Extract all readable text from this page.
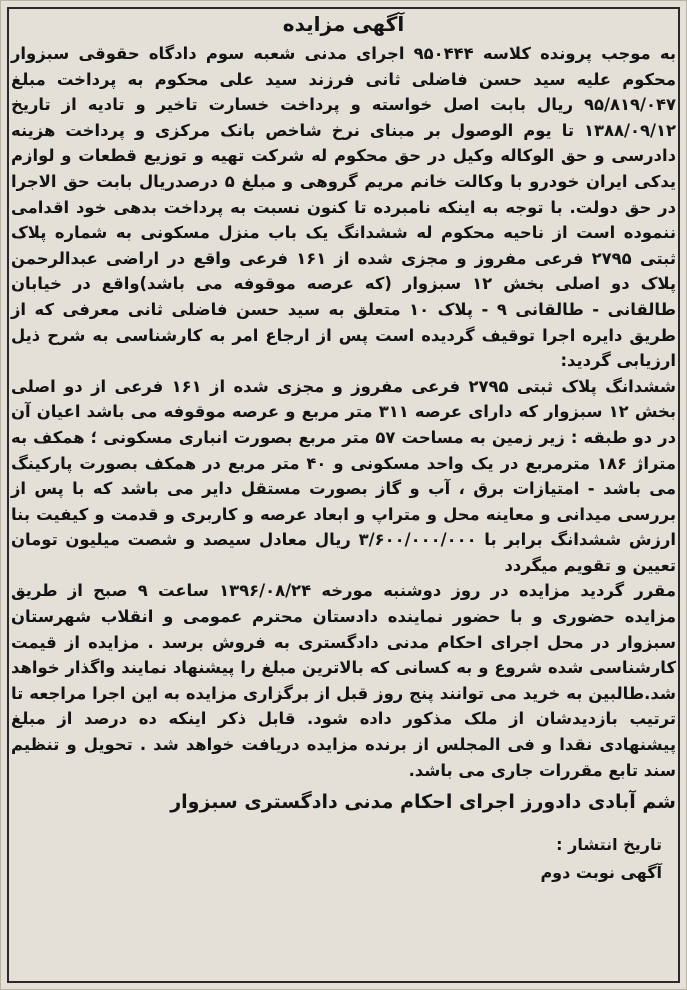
آگهی مزایده

به موجب پرونده کلاسه ۹۵۰۴۴۴ اجرای مدنی شعبه سوم دادگاه حقوقی سبزوار محکوم علیه سید حسن فاضلی ثانی فرزند سید علی محکوم به پرداخت مبلغ ۹۵/۸۱۹/۰۴۷ ریال بابت اصل خواسته و پرداخت خسارت تاخیر و تادیه از تاریخ ۱۳۸۸/۰۹/۱۲ تا یوم الوصول بر مبنای نرخ شاخص بانک مرکزی و پرداخت هزینه دادرسی و حق الوکاله وکیل در حق محکوم له شرکت تهیه و توزیع قطعات و لوازم یدکی ایران خودرو با وکالت خانم مریم گروهی و مبلغ ۵ درصدریال بابت حق الاجرا در حق دولت. با توجه به اینکه نامبرده تا کنون نسبت به پرداخت بدهی خود اقدامی ننموده است از ناحیه محکوم له ششدانگ یک باب منزل مسکونی به شماره پلاک ثبتی ۲۷۹۵ فرعی مفروز و مجزی شده از ۱۶۱ فرعی واقع در اراضی عبدالرحمن پلاک دو اصلی بخش ۱۲ سبزوار (که عرصه موقوفه می باشد)واقع در خیابان طالقانی - طالقانی ۹ - پلاک ۱۰ متعلق به سید حسن فاضلی ثانی معرفی که از طریق دایره اجرا توقیف گردیده است پس از ارجاع امر به کارشناسی به شرح ذیل ارزیابی گردید:

ششدانگ پلاک ثبتی ۲۷۹۵ فرعی مفروز و مجزی شده از ۱۶۱ فرعی از دو اصلی بخش ۱۲ سبزوار که دارای عرصه ۳۱۱ متر مربع و عرصه موقوفه می باشد اعیان آن در دو طبقه : زیر زمین به مساحت ۵۷ متر مربع بصورت انباری مسکونی ؛ همکف به متراژ ۱۸۶ مترمربع در یک واحد مسکونی و ۴۰ متر مربع در همکف بصورت پارکینگ می باشد - امتیازات برق ، آب و گاز بصورت مستقل دایر می باشد که با پس از بررسی میدانی و معاینه محل و متراپ و ابعاد عرصه و کاربری و قدمت و کیفیت بنا ارزش ششدانگ برابر با ۳/۶۰۰/۰۰۰/۰۰۰ ریال معادل سیصد و شصت میلیون تومان تعیین و تقویم میگردد

مقرر گردید مزایده در روز دوشنبه مورخه ۱۳۹۶/۰۸/۲۴ ساعت ۹ صبح از طریق مزایده حضوری و با حضور نماینده دادستان محترم عمومی و انقلاب شهرستان سبزوار در محل اجرای احکام مدنی دادگستری به فروش برسد . مزایده از قیمت کارشناسی شده شروع و به کسانی که بالاترین مبلغ را پیشنهاد نمایند واگذار خواهد شد.طالبین به خرید می توانند پنج روز قبل از برگزاری مزایده به این اجرا مراجعه تا ترتیب بازدیدشان از ملک مذکور داده شود. قابل ذکر اینکه ده درصد از مبلغ پیشنهادی نقدا و فی المجلس از برنده مزایده دریافت خواهد شد . تحویل و تنظیم سند تابع مقررات جاری می باشد.

شم آبادی دادورز اجرای احکام مدنی دادگستری سبزوار
تاریخ انتشار :
آگهی نوبت دوم
